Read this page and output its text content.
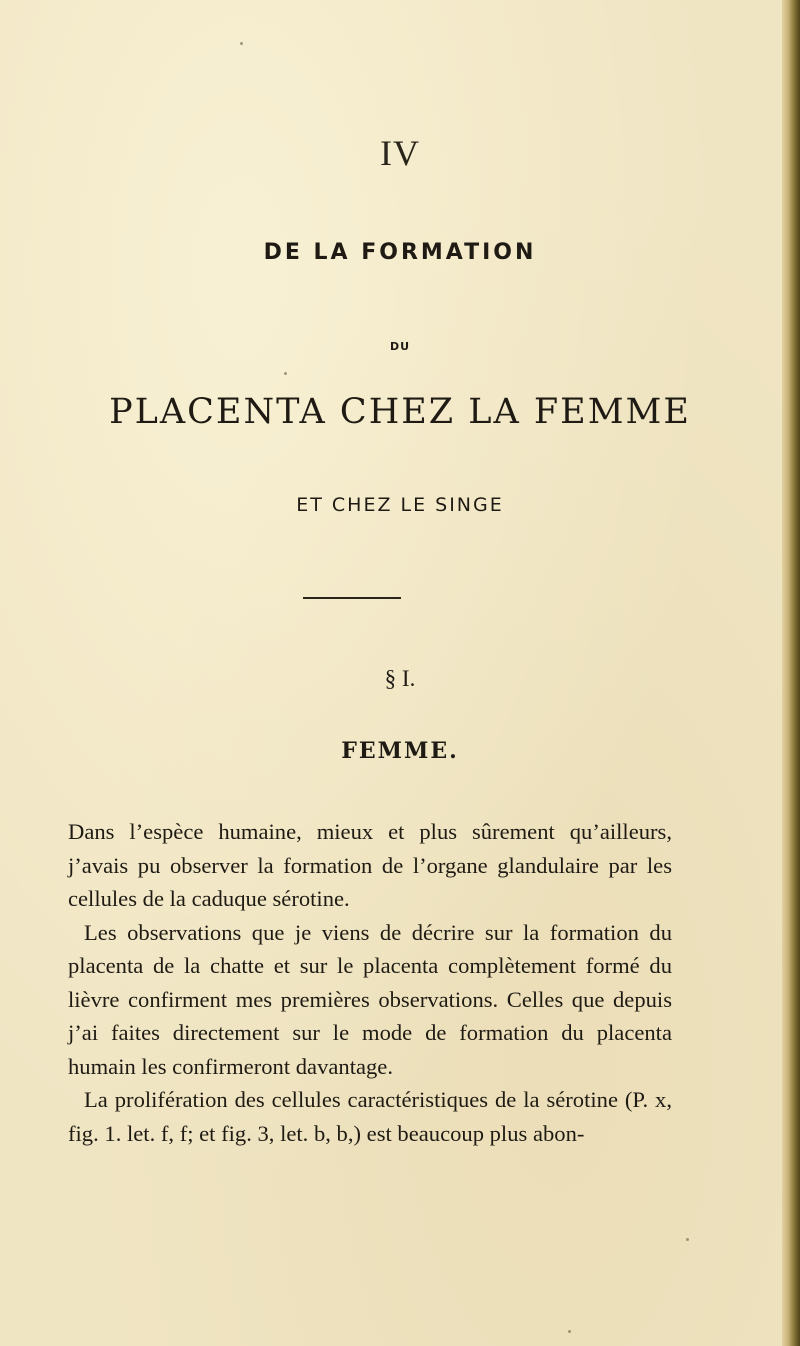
IV
DE LA FORMATION
DU
PLACENTA CHEZ LA FEMME
ET CHEZ LE SINGE
§ I.
FEMME.

Dans l’espèce humaine, mieux et plus sûrement qu’ailleurs, j’avais pu observer la formation de l’organe glandulaire par les cellules de la caduque sérotine.

Les observations que je viens de décrire sur la formation du placenta de la chatte et sur le placenta complètement formé du lièvre confirment mes premières observations. Celles que depuis j’ai faites directement sur le mode de formation du placenta humain les confirmeront davantage.

La prolifération des cellules caractéristiques de la sérotine (P. x, fig. 1. let. f, f; et fig. 3, let. b, b,) est beaucoup plus abon-
